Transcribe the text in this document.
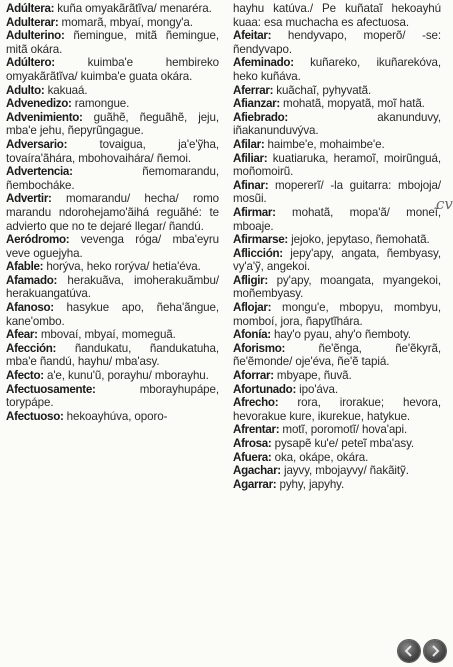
Adúltera: kuña omyakãrãtĩva/ menaréra.
Adulterar: momarã, mbyaí, mongy'a.
Adulterino: ñemingue, mitã ñemingue, mitã okára.
Adúltero: kuimba'e hembireko omyakãrãtĩva/ kuimba'e guata okára.
Adulto: kakuaá.
Advenedizo: ramongue.
Advenimiento: guãhẽ, ñeguãhẽ, jeju, mba'e jehu, ñepyrũngague.
Adversario: tovaigua, ja'e'ỹha, tovaíra'ãhára, mbohovaihára/ ñemoi.
Advertencia: ñemomarandu, ñembocháke.
Advertir: momarandu/ hecha/ romo marandu ndorohejamo'ãihá reguãhé: te advierto que no te dejaré llegar/ ñandú.
Aeródromo: vevenga róga/ mba'eyru veve oguejyha.
Afable: horýva, heko rorýva/ hetia'éva.
Afamado: herakuãva, imoherakuãmbu/ herakuangatúva.
Afanoso: hasykue apo, ñeha'ãngue, kane'ombo.
Afear: mbovaí, mbyaí, momeguã.
Afección: ñandukatu, ñandukatuha, mba'e ñandú, hayhu/ mba'asy.
Afecto: a'e, kunu'ũ, porayhu/ mborayhu.
Afectuosamente: mborayhupápe, torypápe.
Afectuoso: hekoayhúva, oporo-
hayhu katúva./ Pe kuñataĩ hekoayhú kuaa: esa muchacha es afectuosa.
Afeitar: hendyvapo, moperõ/ -se: ñendyvapo.
Afeminado: kuñareko, ikuñarekóva, heko kuñáva.
Aferrar: kuãchaĩ, pyhyvatã.
Afianzar: mohatã, mopyatã, moĩ hatã.
Afiebrado: akanunduvy, iñakanunduvýva.
Afilar: haimbe'e, mohaimbe'e.
Afiliar: kuatiaruka, heramoĩ, moirũnguá, moñomoirũ.
Afinar: mopererĩ/ -la guitarra: mbojoja/ mosũi.
Afirmar: mohatã, mopa'ã/ moneĩ, mboaje.
Afirmarse: jejoko, jepytaso, ñemohatã.
Aflicción: jepy'apy, angata, ñembyasy, vy'a'ỹ, angekoi.
Afligir: py'apy, moangata, myangekoi, moñembyasy.
Aflojar: mongu'e, mbopyu, mombyu, momboí, jora, ñapytĩhára.
Afonía: hay'o pyau, ahy'o ñemboty.
Aforismo: ñe'ẽnga, ñe'ẽkyrã, ñe'ẽmonde/ oje'éva, ñe'ẽ tapiá.
Aforrar: mbyape, ñuvã.
Afortunado: ipo'áva.
Afrecho: rora, irorakue; hevora, hevorakue kure, ikurekue, hatykue.
Afrentar: motĩ, poromotĩ/ hova'api.
Afrosa: pysapẽ ku'e/ peteĩ mba'asy.
Afuera: oka, okápe, okára.
Agachar: jayvy, mbojayvy/ ñakãitỹ.
Agarrar: pyhy, japyhy.
cv
